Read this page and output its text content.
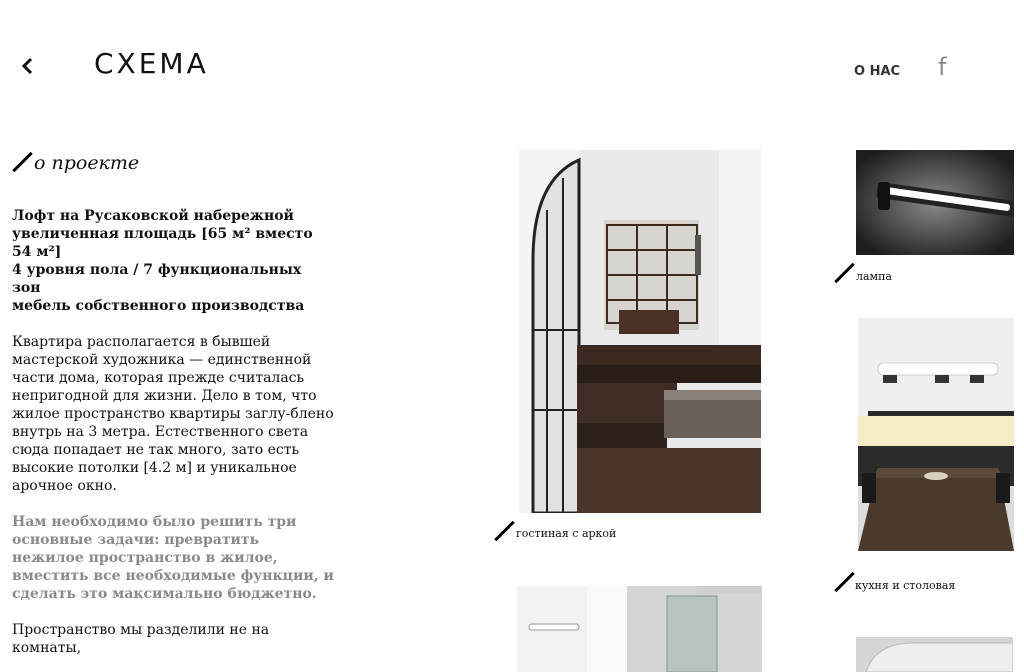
CXEMA	О НАС f
о проекте
Лофт на Русаковской набережной
увеличенная площадь [65 м² вместо 54 м²]
4 уровня пола / 7 функциональных зон
мебель собственного производства
Квартира располагается в бывшей мастерской художника — единственной части дома, которая прежде считалась непригодной для жизни. Дело в том, что жилое пространство квартиры заглу-блено внутрь на 3 метра. Естественного света сюда попадает не так много, зато есть высокие потолки [4.2 м] и уникальное арочное окно.
Нам необходимо было решить три основные задачи: превратить нежилое пространство в жилое, вместить все необходимые функции, и сделать это максимально бюджетно.
Пространство мы разделили не на комнаты,
гостиная с аркой
лампа
кухня и столовая
